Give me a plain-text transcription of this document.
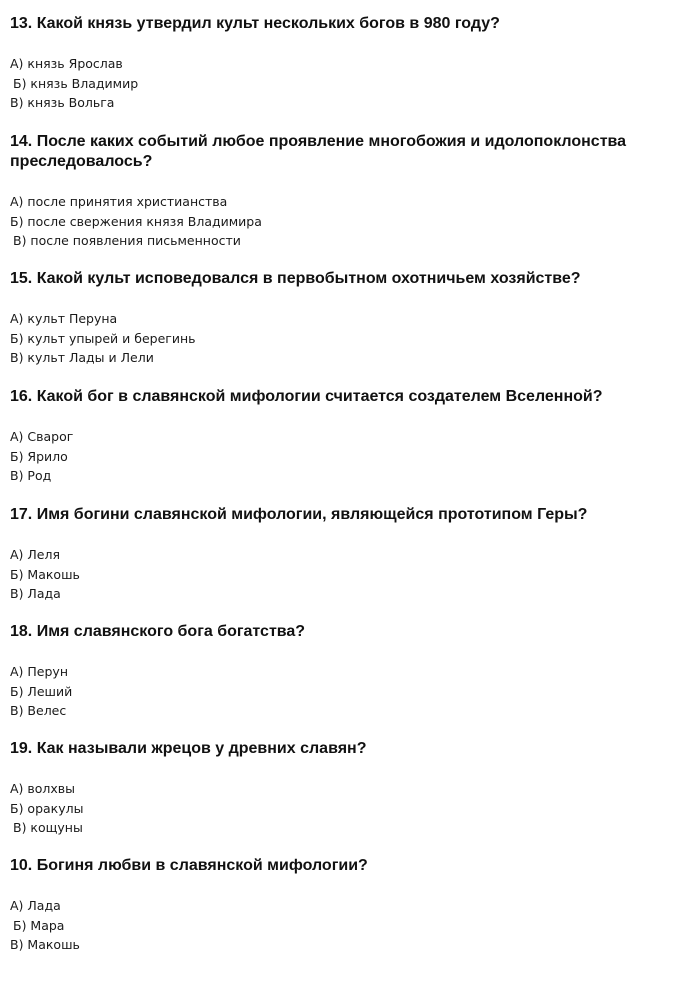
13. Какой князь утвердил культ нескольких богов в 980 году?

А) князь Ярослав
Б) князь Владимир
В) князь Вольга

14. После каких событий любое проявление многобожия и идолопоклонства преследовалось?

А) после принятия христианства
Б) после свержения князя Владимира
В) после появления письменности

15. Какой культ исповедовался в первобытном охотничьем хозяйстве?

А) культ Перуна
Б) культ упырей и берегинь
В) культ Лады и Лели

16. Какой бог в славянской мифологии считается создателем Вселенной?

А) Сварог
Б) Ярило
В) Род

17. Имя богини славянской мифологии, являющейся прототипом Геры?

А) Леля
Б) Макошь
В) Лада

18. Имя славянского бога богатства?

А) Перун
Б) Леший
В) Велес

19. Как называли жрецов у древних славян?

А) волхвы
Б) оракулы
В) кощуны

10. Богиня любви в славянской мифологии?

А) Лада
Б) Мара
В) Макошь
